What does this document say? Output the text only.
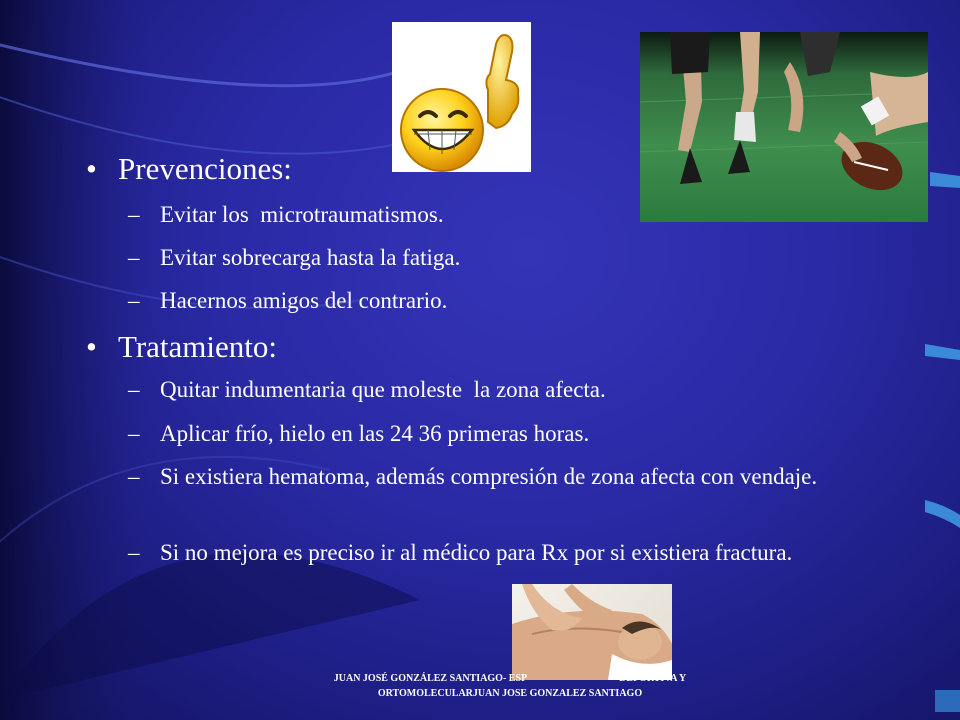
• Prevenciones:
– Evitar los  microtraumatismos.
– Evitar sobrecarga hasta la fatiga.
– Hacernos amigos del contrario.
• Tratamiento:
– Quitar indumentaria que moleste  la zona afecta.
– Aplicar frío, hielo en las 24 36 primeras horas.
– Si existiera hematoma, además compresión de zona afecta con vendaje.
– Si no mejora es preciso ir al médico para Rx por si existiera fractura.
JUAN JOSÉ GONZÁLEZ SANTIAGO- ESP                                     DEPORTIVA Y
ORTOMOLECULARJUAN JOSE GONZALEZ SANTIAGO
